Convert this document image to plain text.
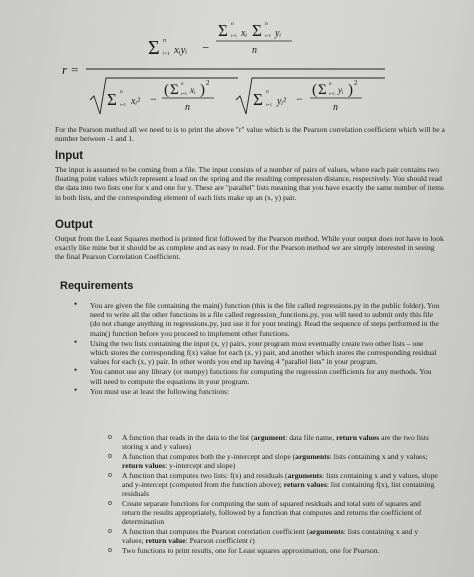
r =
Σ n
i=1 xᵢyᵢ −
Σ n
i=1 xᵢ Σ n
i=1 yᵢ
n
Σ n
i=1 xᵢ² −
( Σ n
i=1 xᵢ ) 2
n	Σ n
i=1 yᵢ² −
( Σ n
i=1 yᵢ ) 2
n
For the Pearson method all we need to is to print the above "r" value which is the Pearson correlation coefficient which will be a number between -1 and 1.
Input
The input is assumed to be coming from a file. The input consists of a number of pairs of values, where each pair contains two floating point values which represent a load on the spring and the resulting compression distance, respectively. You should read the data into two lists one for x and one for y. These are "parallel" lists meaning that you have exactly the same number of items in both lists, and the corresponding element of each lists make up an (x, y) pair.
Output
Output from the Least Squares method is printed first followed by the Pearson method. While your output does not have to look exactly like mine but it should be as complete and as easy to read. For the Pearson method we are simply interested in seeing the final Pearson Correlation Coefficient.
Requirements
• You are given the file containing the main() function (this is the file called regressions.py in the public folder). You need to write all the other functions in a file called regression_functions.py, you will need to submit only this file (do not change anything in regressions.py, just use it for your testing). Read the sequence of steps performed in the main() function before you proceed to implement other functions.
• Using the two lists containing the input (x, y) pairs, your program must eventually create two other lists – one which stores the corresponding f(x) value for each (x, y) pair, and another which stores the corresponding residual values for each (x, y) pair. In other words you end up having 4 "parallel lists" in your program.
• You cannot use any library (or numpy) functions for computing the regression coefficients for any methods. You will need to compute the equations in your program.
• You must use at least the following functions:
o A function that reads in the data to the list (argument: data file name, return values are the two lists storing x and y values)
o A function that computes both the y-intercept and slope (arguments: lists containing x and y values; return values: y-intercept and slope)
o A function that computes two lists: f(x) and residuals (arguments: lists containing x and y values, slope and y-intercept (computed from the function above); return values: list containing f(x), list containing residuals
o Create separate functions for computing the sum of squared residuals and total sum of squares and return the results appropriately, followed by a function that computes and returns the coefficient of determination
o A function that computes the Pearson correlation coefficient (arguments: lists containing x and y values; return value: Pearson coefficient r)
o Two functions to print results, one for Least squares approximation, one for Pearson.
